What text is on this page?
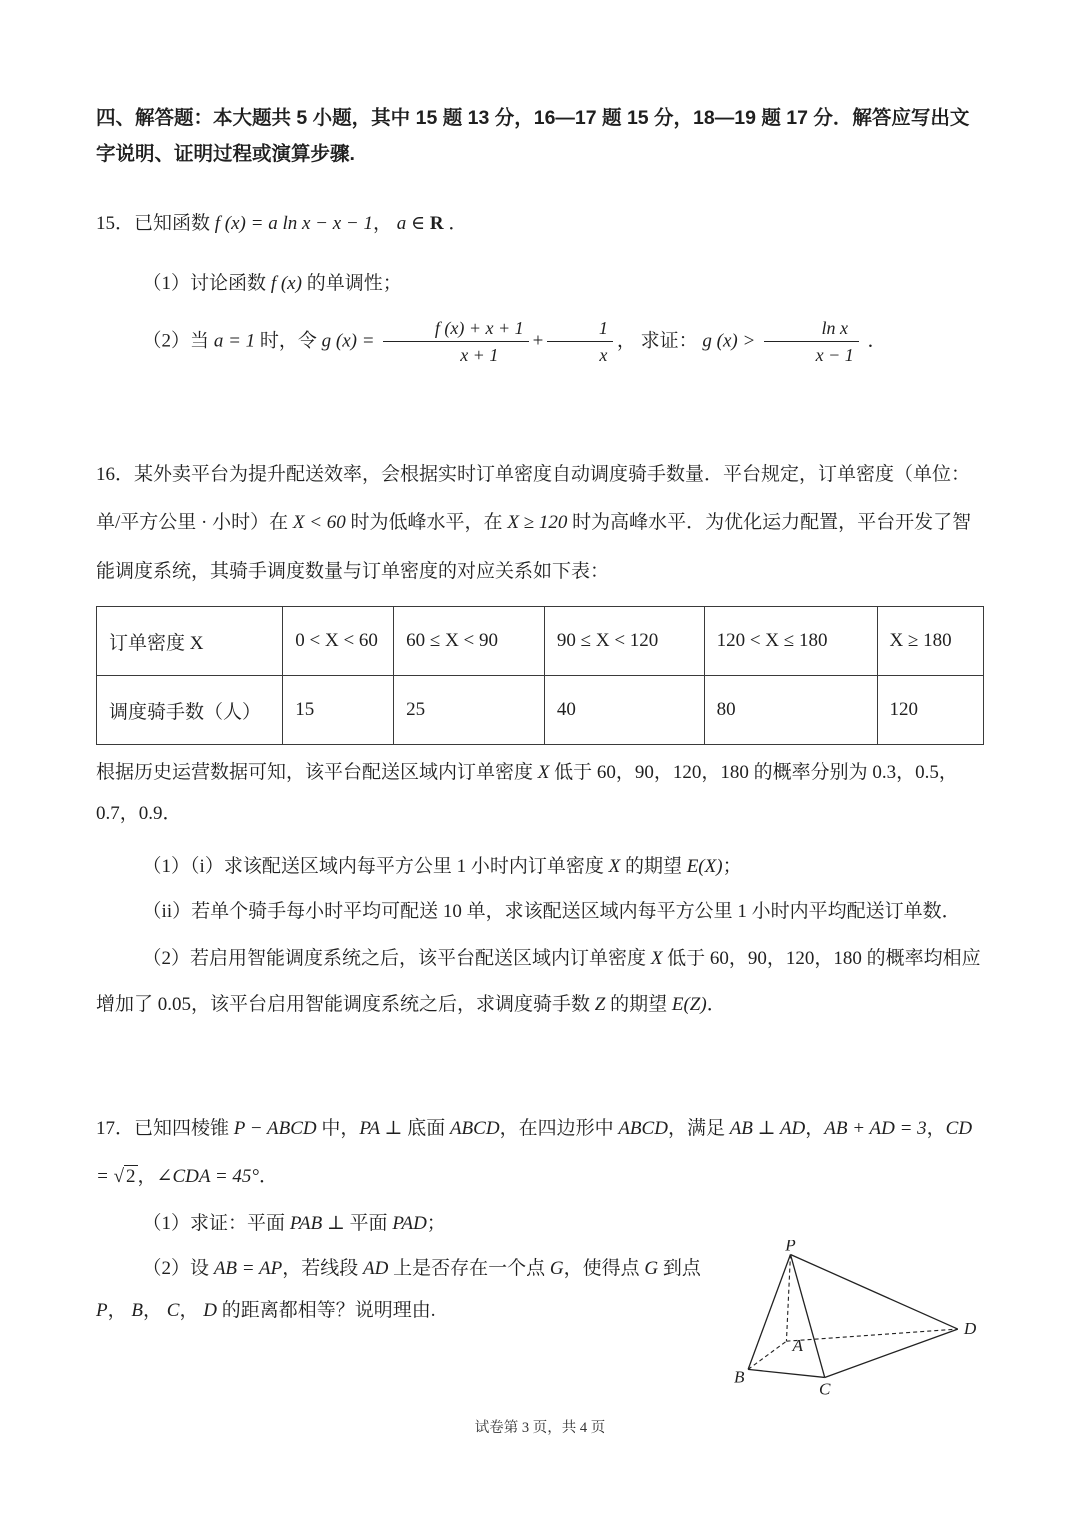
四、解答题：本大题共 5 小题，其中 15 题 13 分，16—17 题 15 分，18—19 题 17 分．解答应写出文字说明、证明过程或演算步骤.

15．已知函数 f (x) = a ln x − x − 1， a ∈ R ．

（1）讨论函数 f (x) 的单调性；

（2）当 a = 1 时，令 g $(x) = \frac{f (x) + x + 1}{x + 1} + \frac{1}{x}$ ， 求证： g $(x) > \frac{\text{ln x}}{x - 1}$ ．

16．某外卖平台为提升配送效率，会根据实时订单密度自动调度骑手数量．平台规定，订单密度（单位：单/平方公里 · 小时）在 X < 60 时为低峰水平，在 X ≥ 120 时为高峰水平．为优化运力配置，平台开发了智能调度系统，其骑手调度数量与订单密度的对应关系如下表：

订单密度 X	0 < X < 60	60 ≤ X < 90	90 ≤ X < 120	120 < X ≤ 180	X ≥ 180
调度骑手数（人）	15	25	40	80	120

根据历史运营数据可知，该平台配送区域内订单密度 X 低于 60，90，120，180 的概率分别为 0.3，0.5，0.7，0.9．

（1）（i）求该配送区域内每平方公里 1 小时内订单密度 X 的期望 E(X)；

（ii）若单个骑手每小时平均可配送 10 单，求该配送区域内每平方公里 1 小时内平均配送订单数．

（2）若启用智能调度系统之后，该平台配送区域内订单密度 X 低于 60，90，120，180 的概率均相应增加了 0.05，该平台启用智能调度系统之后，求调度骑手数 Z 的期望 E(Z)．

17．已知四棱锥 P − ABCD 中，PA ⊥ 底面 ABCD，在四边形中 ABCD，满足 AB ⊥ AD，AB + AD = 3，CD = √ 2 ，∠CDA = 45°．

（1）求证：平面 PAB ⊥ 平面 PAD；

P
A
B
C
D

（2）设 AB = AP，若线段 AD 上是否存在一个点 G，使得点 G 到点 P， B， C， D 的距离都相等？说明理由.

试卷第 3 页，共 4 页
